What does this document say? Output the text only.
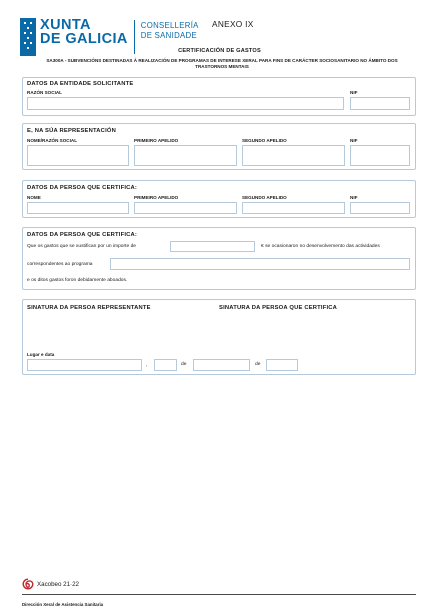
XUNTA
DE GALICIA
CONSELLERÍA
DE SANIDADE
ANEXO IX
CERTIFICACIÓN DE GASTOS
SA300A - SUBVENCIÓNS DESTINADAS Á REALIZACIÓN DE PROGRAMAS DE INTERESE XERAL PARA FINS DE CARÁCTER SOCIOSANITARIO NO ÁMBITO DOS
TRASTORNOS MENTAIS
DATOS DA ENTIDADE SOLICITANTE
RAZÓN SOCIAL	NIF
E, NA SÚA REPRESENTACIÓN
NOME/RAZÓN SOCIAL	PRIMEIRO APELIDO	SEGUNDO APELIDO	NIF
DATOS DA PERSOA QUE CERTIFICA:
NOME	PRIMEIRO APELIDO	SEGUNDO APELIDO	NIF
DATOS DA PERSOA QUE CERTIFICA:
Que os gastos que se xustifican por un importe de	€ se ocasionaron no desenvolvemento das actividades
correspondentes ao programa
e os ditos gastos foron debidamente aboados.
SINATURA DA PERSOA REPRESENTANTE	SINATURA DA PERSOA QUE CERTIFICA
Lugar e data
,	de	de
Xacobeo 21·22
Dirección Xeral de Asistencia Sanitaria
